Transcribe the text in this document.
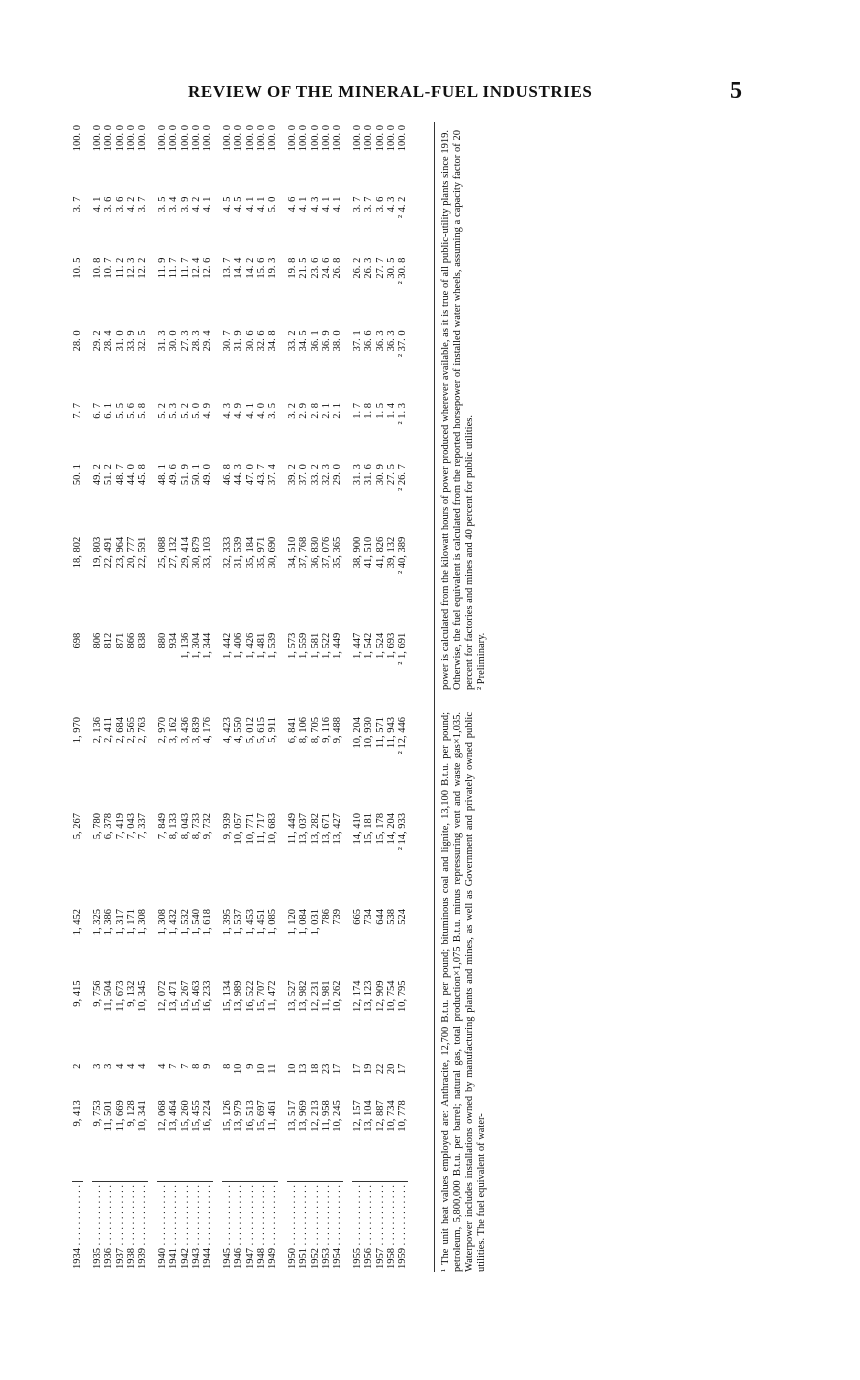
REVIEW OF THE MINERAL-FUEL INDUSTRIES	5
1934 . . . . . . . . . . . .	9, 413	2	9, 415	1, 452	5, 267	1, 970	698	18, 802	50. 1	7. 7	28. 0	10. 5	3. 7	100. 0

1935 . . . . . . . . . . . .	9, 753	3	9, 756	1, 325	5, 780	2, 136	806	19, 803	49. 2	6. 7	29. 2	10. 8	4. 1	100. 0
1936 . . . . . . . . . . . .	11, 501	3	11, 504	1, 386	6, 378	2, 411	812	22, 491	51. 2	6. 1	28. 4	10. 7	3. 6	100. 0
1937 . . . . . . . . . . . .	11, 669	4	11, 673	1, 317	7, 419	2, 684	871	23, 964	48. 7	5. 5	31. 0	11. 2	3. 6	100. 0
1938 . . . . . . . . . . . .	9, 128	4	9, 132	1, 171	7, 043	2, 565	866	20, 777	44. 0	5. 6	33. 9	12. 3	4. 2	100. 0
1939 . . . . . . . . . . . .	10, 341	4	10, 345	1, 308	7, 337	2, 763	838	22, 591	45. 8	5. 8	32. 5	12. 2	3. 7	100. 0

1940 . . . . . . . . . . . .	12, 068	4	12, 072	1, 308	7, 849	2, 970	880	25, 088	48. 1	5. 2	31. 3	11. 9	3. 5	100. 0
1941 . . . . . . . . . . . .	13, 464	7	13, 471	1, 432	8, 133	3, 162	934	27, 132	49. 6	5. 3	30. 0	11. 7	3. 4	100. 0
1942 . . . . . . . . . . . .	15, 260	7	15, 267	1, 532	8, 043	3, 436	1, 136	29, 414	51. 9	5. 2	27. 3	11. 7	3. 9	100. 0
1943 . . . . . . . . . . . .	15, 455	8	15, 463	1, 540	8, 733	3, 839	1, 304	30, 879	50. 1	5. 0	28. 3	12. 4	4. 2	100. 0
1944 . . . . . . . . . . . .	16, 224	9	16, 233	1, 618	9, 732	4, 176	1, 344	33, 103	49. 0	4. 9	29. 4	12. 6	4. 1	100. 0

1945 . . . . . . . . . . . .	15, 126	8	15, 134	1, 395	9, 939	4, 423	1, 442	32, 333	46. 8	4. 3	30. 7	13. 7	4. 5	100. 0
1946 . . . . . . . . . . . .	13, 979	10	13, 989	1, 537	10, 057	4, 550	1, 406	31, 539	44. 3	4. 9	31. 9	14. 4	4. 5	100. 0
1947 . . . . . . . . . . . .	16, 513	9	16, 522	1, 453	10, 771	5, 012	1, 426	35, 184	47. 0	4. 1	30. 6	14. 2	4. 1	100. 0
1948 . . . . . . . . . . . .	15, 697	10	15, 707	1, 451	11, 717	5, 615	1, 481	35, 971	43. 7	4. 0	32. 6	15. 6	4. 1	100. 0
1949 . . . . . . . . . . . .	11, 461	11	11, 472	1, 085	10, 683	5, 911	1, 539	30, 690	37. 4	3. 5	34. 8	19. 3	5. 0	100. 0

1950 . . . . . . . . . . . .	13, 517	10	13, 527	1, 120	11, 449	6, 841	1, 573	34, 510	39. 2	3. 2	33. 2	19. 8	4. 6	100. 0
1951 . . . . . . . . . . . .	13, 969	13	13, 982	1, 084	13, 037	8, 106	1, 559	37, 768	37. 0	2. 9	34. 5	21. 5	4. 1	100. 0
1952 . . . . . . . . . . . .	12, 213	18	12, 231	1, 031	13, 282	8, 705	1, 581	36, 830	33. 2	2. 8	36. 1	23. 6	4. 3	100. 0
1953 . . . . . . . . . . . .	11, 958	23	11, 981	786	13, 671	9, 116	1, 522	37, 076	32. 3	2. 1	36. 9	24. 6	4. 1	100. 0
1954 . . . . . . . . . . . .	10, 245	17	10, 262	739	13, 427	9, 488	1, 449	35, 365	29. 0	2. 1	38. 0	26. 8	4. 1	100. 0

1955 . . . . . . . . . . . .	12, 157	17	12, 174	665	14, 410	10, 204	1, 447	38, 900	31. 3	1. 7	37. 1	26. 2	3. 7	100. 0
1956 . . . . . . . . . . . .	13, 104	19	13, 123	734	15, 181	10, 930	1, 542	41, 510	31. 6	1. 8	36. 6	26. 3	3. 7	100. 0
1957 . . . . . . . . . . . .	12, 887	22	12, 909	644	15, 178	11, 571	1, 524	41, 826	30. 9	1. 5	36. 3	27. 7	3. 6	100. 0
1958 . . . . . . . . . . . .	10, 734	20	10, 754	538	14, 204	11, 943	1, 693	39, 132	27. 5	1. 4	36. 3	30. 5	4. 3	100. 0
1959 . . . . . . . . . . . .	10, 778	17	10, 795	524	² 14, 933	² 12, 446	² 1, 691	² 40, 389	² 26. 7	² 1. 3	² 37. 0	² 30. 8	² 4. 2	100. 0

¹ The unit heat values employed are: Anthracite, 12,700 B.t.u. per pound; bituminous coal and lignite, 13,100 B.t.u. per pound; petroleum, 5,800,000 B.t.u. per barrel; natural gas, total production×1,075 B.t.u. minus repressuring vent and waste gas×1,035. Waterpower includes installations owned by manufacturing plants and mines, as well as Government and privately owned public utilities. The fuel equivalent of water-

power is calculated from the kilowatt hours of power produced wherever available, as it is true of all public-utility plants since 1919. Otherwise, the fuel equivalent is calculated from the reported horsepower of installed water wheels, assuming a capacity factor of 20 percent for factories and mines and 40 percent for public utilities. ² Preliminary.
